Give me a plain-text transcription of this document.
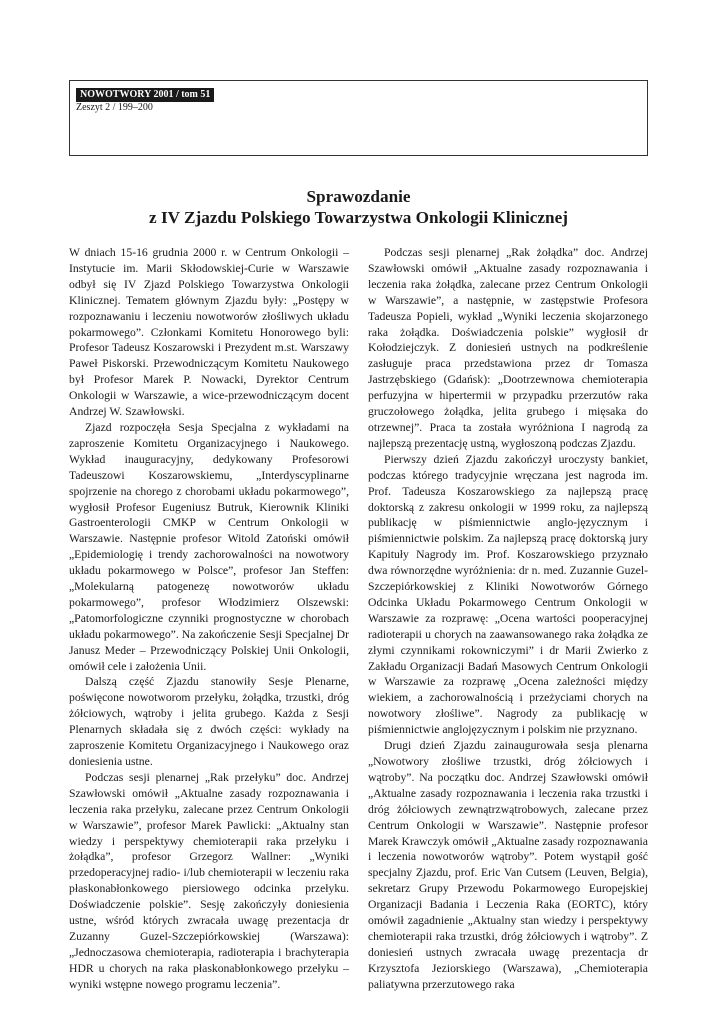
NOWOTWORY 2001 / tom 51
Zeszyt 2 / 199–200
Sprawozdanie
z IV Zjazdu Polskiego Towarzystwa Onkologii Klinicznej

W dniach 15-16 grudnia 2000 r. w Centrum Onkologii – Instytucie im. Marii Skłodowskiej-Curie w Warszawie odbył się IV Zjazd Polskiego Towarzystwa Onkologii Klinicznej. Tematem głównym Zjazdu były: „Postępy w rozpoznawaniu i leczeniu nowotworów złośliwych układu pokarmowego”. Członkami Komitetu Honorowego byli: Profesor Tadeusz Koszarowski i Prezydent m.st. Warszawy Paweł Piskorski. Przewodniczącym Komitetu Naukowego był Profesor Marek P. Nowacki, Dyrektor Centrum Onkologii w Warszawie, a wice-przewodniczącym docent Andrzej W. Szawłowski.

Zjazd rozpoczęła Sesja Specjalna z wykładami na zaproszenie Komitetu Organizacyjnego i Naukowego. Wykład inauguracyjny, dedykowany Profesorowi Tadeuszowi Koszarowskiemu, „Interdyscyplinarne spojrzenie na chorego z chorobami układu pokarmowego”, wygłosił Profesor Eugeniusz Butruk, Kierownik Kliniki Gastroenterologii CMKP w Centrum Onkologii w Warszawie. Następnie profesor Witold Zatoński omówił „Epidemiologię i trendy zachorowalności na nowotwory układu pokarmowego w Polsce”, profesor Jan Steffen: „Molekularną patogenezę nowotworów układu pokarmowego”, profesor Włodzimierz Olszewski: „Patomorfologiczne czynniki prognostyczne w chorobach układu pokarmowego”. Na zakończenie Sesji Specjalnej Dr Janusz Meder – Przewodniczący Polskiej Unii Onkologii, omówił cele i założenia Unii.

Dalszą część Zjazdu stanowiły Sesje Plenarne, poświęcone nowotworom przełyku, żołądka, trzustki, dróg żółciowych, wątroby i jelita grubego. Każda z Sesji Plenarnych składała się z dwóch części: wykłady na zaproszenie Komitetu Organizacyjnego i Naukowego oraz doniesienia ustne.

Podczas sesji plenarnej „Rak przełyku” doc. Andrzej Szawłowski omówił „Aktualne zasady rozpoznawania i leczenia raka przełyku, zalecane przez Centrum Onkologii w Warszawie”, profesor Marek Pawlicki: „Aktualny stan wiedzy i perspektywy chemioterapii raka przełyku i żołądka”, profesor Grzegorz Wallner: „Wyniki przedoperacyjnej radio- i/lub chemioterapii w leczeniu raka płaskonabłonkowego piersiowego odcinka przełyku. Doświadczenie polskie”. Sesję zakończyły doniesienia ustne, wśród których zwracała uwagę prezentacja dr Zuzanny Guzel-Szczepiórkowskiej (Warszawa): „Jednoczasowa chemioterapia, radioterapia i brachyterapia HDR u chorych na raka płaskonabłonkowego przełyku – wyniki wstępne nowego programu leczenia”.

Podczas sesji plenarnej „Rak żołądka” doc. Andrzej Szawłowski omówił „Aktualne zasady rozpoznawania i leczenia raka żołądka, zalecane przez Centrum Onkologii w Warszawie”, a następnie, w zastępstwie Profesora Tadeusza Popieli, wykład „Wyniki leczenia skojarzonego raka żołądka. Doświadczenia polskie” wygłosił dr Kołodziejczyk. Z doniesień ustnych na podkreślenie zasługuje praca przedstawiona przez dr Tomasza Jastrzębskiego (Gdańsk): „Dootrzewnowa chemioterapia perfuzyjna w hipertermii w przypadku przerzutów raka gruczołowego żołądka, jelita grubego i mięsaka do otrzewnej”. Praca ta została wyróżniona I nagrodą za najlepszą prezentację ustną, wygłoszoną podczas Zjazdu.

Pierwszy dzień Zjazdu zakończył uroczysty bankiet, podczas którego tradycyjnie wręczana jest nagroda im. Prof. Tadeusza Koszarowskiego za najlepszą pracę doktorską z zakresu onkologii w 1999 roku, za najlepszą publikację w piśmiennictwie anglo-języcznym i piśmiennictwie polskim. Za najlepszą pracę doktorską jury Kapituły Nagrody im. Prof. Koszarowskiego przyznało dwa równorzędne wyróżnienia: dr n. med. Zuzannie Guzel-Szczepiórkowskiej z Kliniki Nowotworów Górnego Odcinka Układu Pokarmowego Centrum Onkologii w Warszawie za rozprawę: „Ocena wartości pooperacyjnej radioterapii u chorych na zaawansowanego raka żołądka ze złymi czynnikami rokowniczymi” i dr Marii Zwierko z Zakładu Organizacji Badań Masowych Centrum Onkologii w Warszawie za rozprawę „Ocena zależności między wiekiem, a zachorowalnością i przeżyciami chorych na nowotwory złośliwe”. Nagrody za publikację w piśmiennictwie anglojęzycznym i polskim nie przyznano.

Drugi dzień Zjazdu zainaugurowała sesja plenarna „Nowotwory złośliwe trzustki, dróg żółciowych i wątroby”. Na początku doc. Andrzej Szawłowski omówił „Aktualne zasady rozpoznawania i leczenia raka trzustki i dróg żółciowych zewnątrzwątrobowych, zalecane przez Centrum Onkologii w Warszawie”. Następnie profesor Marek Krawczyk omówił „Aktualne zasady rozpoznawania i leczenia nowotworów wątroby”. Potem wystąpił gość specjalny Zjazdu, prof. Eric Van Cutsem (Leuven, Belgia), sekretarz Grupy Przewodu Pokarmowego Europejskiej Organizacji Badania i Leczenia Raka (EORTC), który omówił zagadnienie „Aktualny stan wiedzy i perspektywy chemioterapii raka trzustki, dróg żółciowych i wątroby”. Z doniesień ustnych zwracała uwagę prezentacja dr Krzysztofa Jeziorskiego (Warszawa), „Chemioterapia paliatywna przerzutowego raka
